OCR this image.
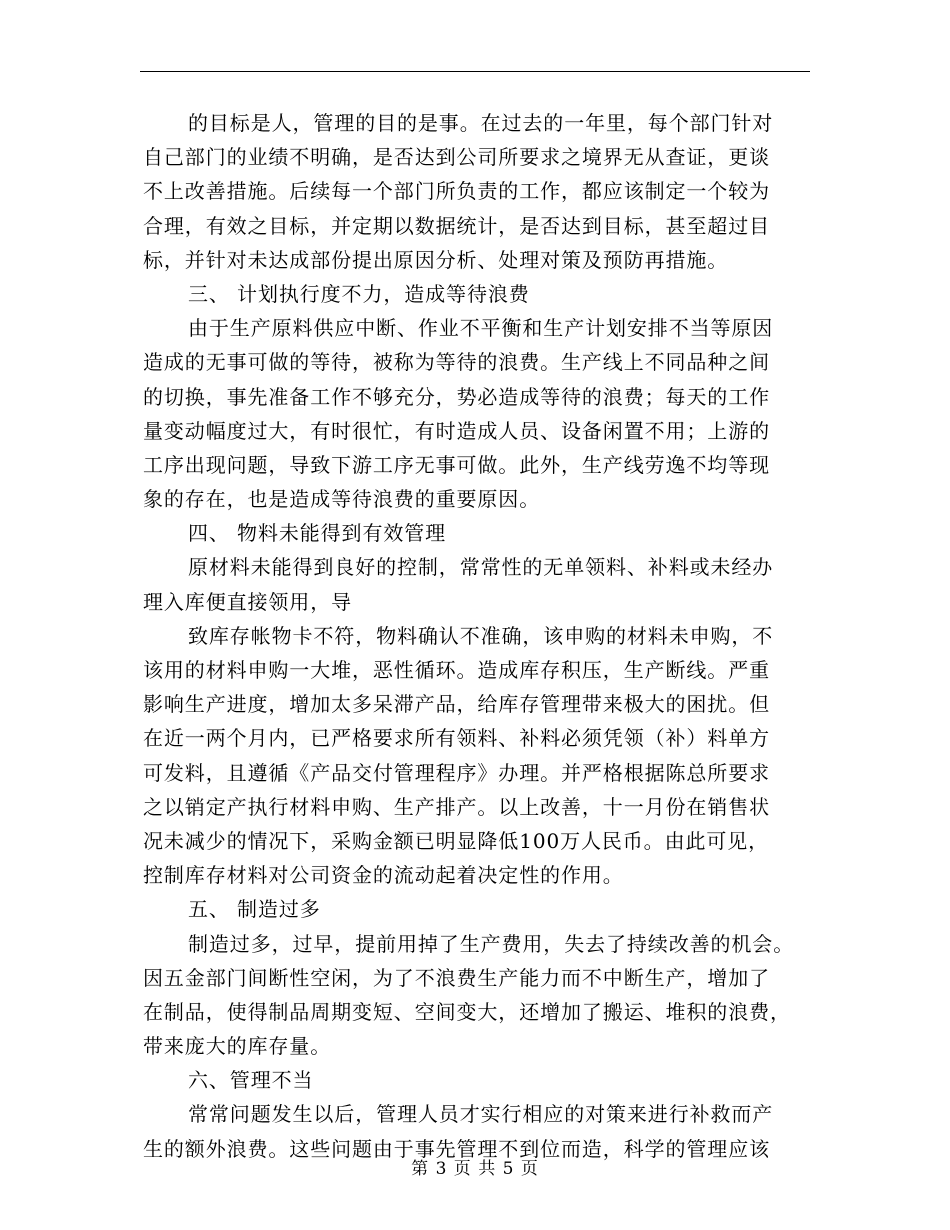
的目标是人，管理的目的是事。在过去的一年里，每个部门针对
自己部门的业绩不明确，是否达到公司所要求之境界无从查证，更谈
不上改善措施。后续每一个部门所负责的工作，都应该制定一个较为
合理，有效之目标，并定期以数据统计，是否达到目标，甚至超过目
标，并针对未达成部份提出原因分析、处理对策及预防再措施。
三、 计划执行度不力，造成等待浪费
由于生产原料供应中断、作业不平衡和生产计划安排不当等原因
造成的无事可做的等待，被称为等待的浪费。生产线上不同品种之间
的切换，事先准备工作不够充分，势必造成等待的浪费；每天的工作
量变动幅度过大，有时很忙，有时造成人员、设备闲置不用；上游的
工序出现问题，导致下游工序无事可做。此外，生产线劳逸不均等现
象的存在，也是造成等待浪费的重要原因。
四、 物料未能得到有效管理
原材料未能得到良好的控制，常常性的无单领料、补料或未经办
理入库便直接领用，导
致库存帐物卡不符，物料确认不准确，该申购的材料未申购，不
该用的材料申购一大堆，恶性循环。造成库存积压，生产断线。严重
影响生产进度，增加太多呆滞产品，给库存管理带来极大的困扰。但
在近一两个月内，已严格要求所有领料、补料必须凭领（补）料单方
可发料，且遵循《产品交付管理程序》办理。并严格根据陈总所要求
之以销定产执行材料申购、生产排产。以上改善，十一月份在销售状
况未减少的情况下，采购金额已明显降低100万人民币。由此可见，
控制库存材料对公司资金的流动起着决定性的作用。
五、 制造过多
制造过多，过早，提前用掉了生产费用，失去了持续改善的机会。
因五金部门间断性空闲，为了不浪费生产能力而不中断生产，增加了
在制品，使得制品周期变短、空间变大，还增加了搬运、堆积的浪费，
带来庞大的库存量。
六、管理不当
常常问题发生以后，管理人员才实行相应的对策来进行补救而产
生的额外浪费。这些问题由于事先管理不到位而造，科学的管理应该
第 3 页 共 5 页
